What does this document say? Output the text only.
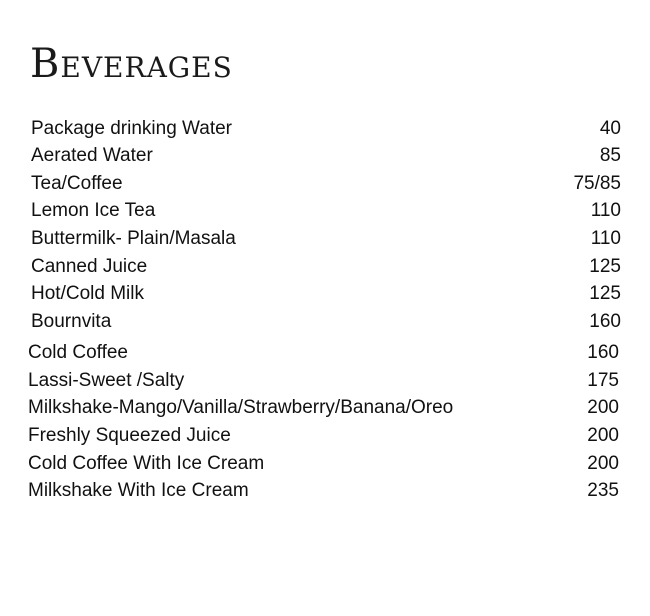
Beverages
Package drinking Water	40
Aerated Water	85
Tea/Coffee	75/85
Lemon Ice Tea	110
Buttermilk- Plain/Masala	110
Canned Juice	125
Hot/Cold Milk	125
Bournvita	160
Cold Coffee	160
Lassi-Sweet /Salty	175
Milkshake-Mango/Vanilla/Strawberry/Banana/Oreo	200
Freshly Squeezed Juice	200
Cold Coffee With Ice Cream	200
Milkshake With Ice Cream	235
